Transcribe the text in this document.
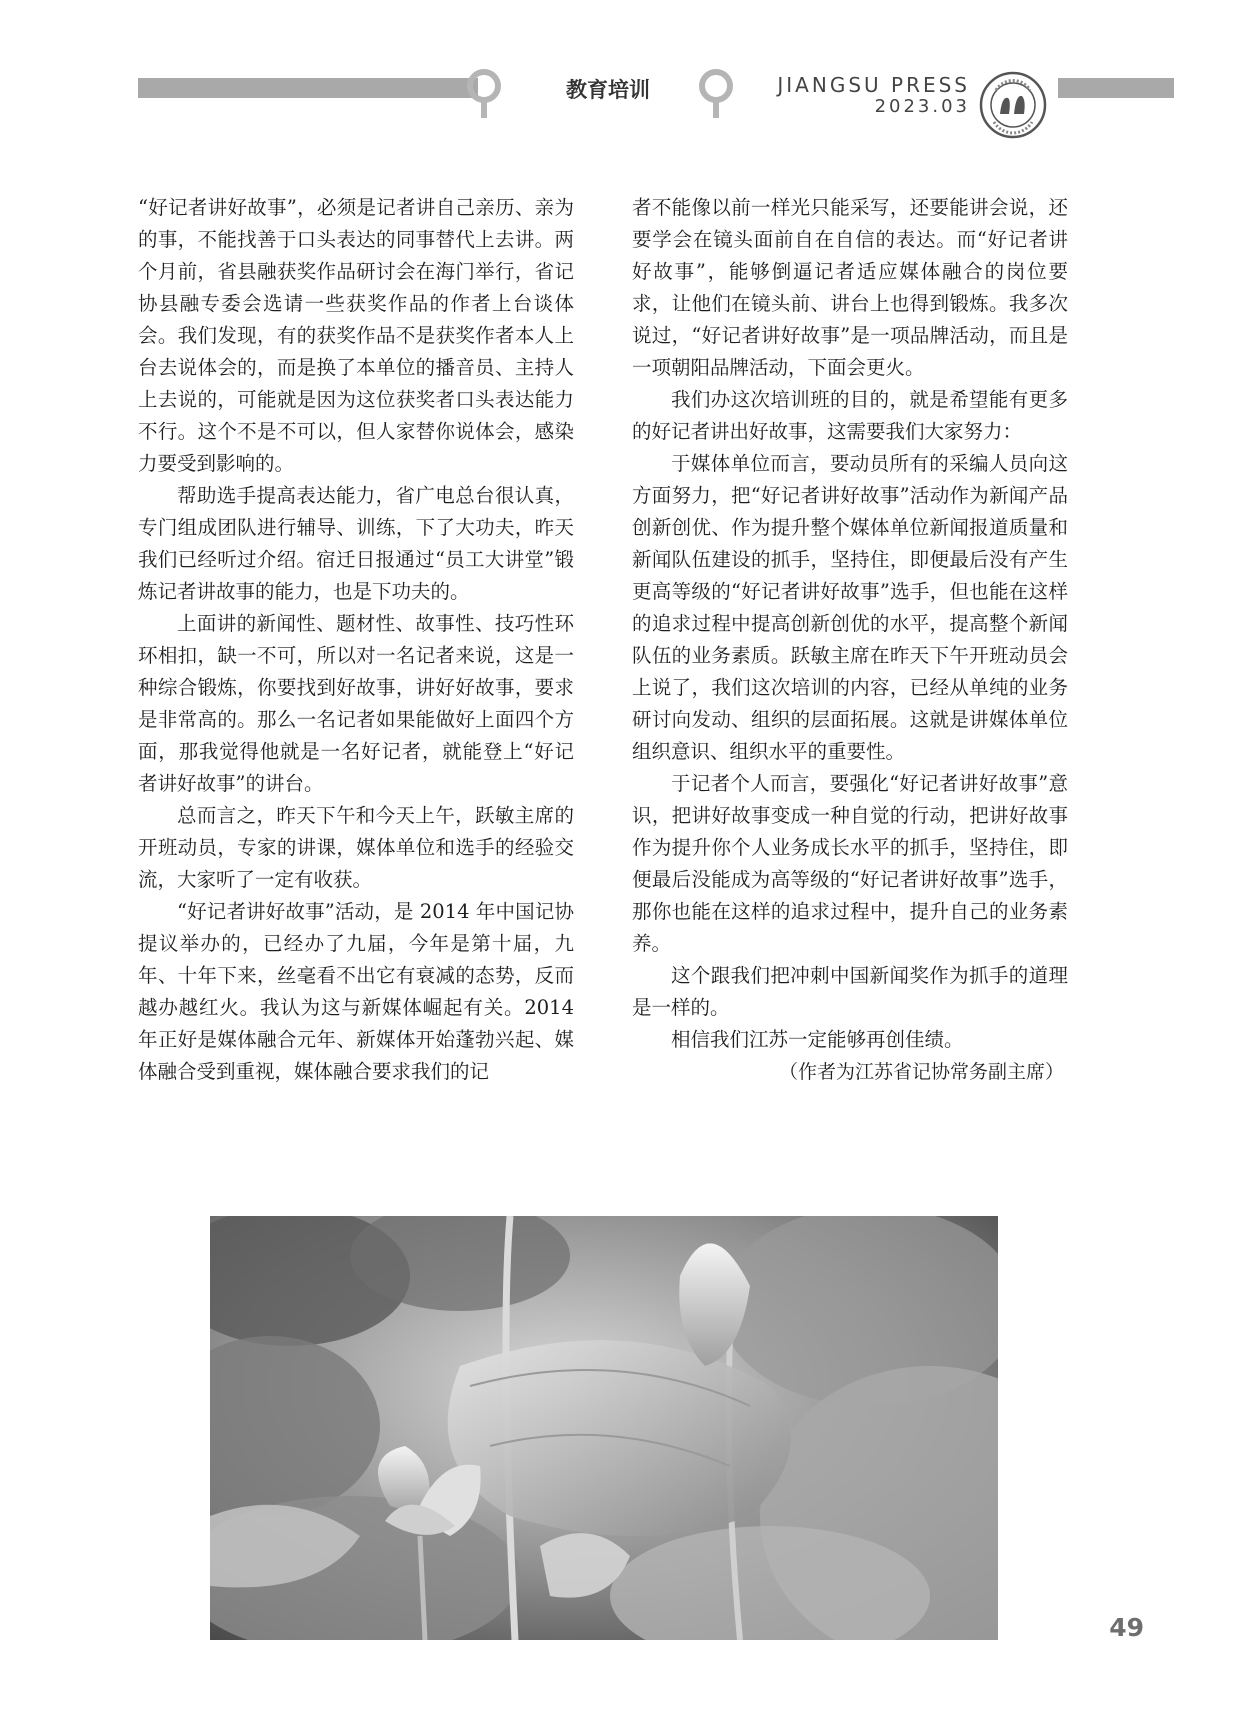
教育培训	JIANGSU PRESS
2023.03

“好记者讲好故事”，必须是记者讲自己亲历、亲为的事，不能找善于口头表达的同事替代上去讲。两个月前，省县融获奖作品研讨会在海门举行，省记协县融专委会选请一些获奖作品的作者上台谈体会。我们发现，有的获奖作品不是获奖作者本人上台去说体会的，而是换了本单位的播音员、主持人上去说的，可能就是因为这位获奖者口头表达能力不行。这个不是不可以，但人家替你说体会，感染力要受到影响的。

帮助选手提高表达能力，省广电总台很认真，专门组成团队进行辅导、训练，下了大功夫，昨天我们已经听过介绍。宿迁日报通过“员工大讲堂”锻炼记者讲故事的能力，也是下功夫的。

上面讲的新闻性、题材性、故事性、技巧性环环相扣，缺一不可，所以对一名记者来说，这是一种综合锻炼，你要找到好故事，讲好好故事，要求是非常高的。那么一名记者如果能做好上面四个方面，那我觉得他就是一名好记者，就能登上“好记者讲好故事”的讲台。

总而言之，昨天下午和今天上午，跃敏主席的开班动员，专家的讲课，媒体单位和选手的经验交流，大家听了一定有收获。

“好记者讲好故事”活动，是 2014 年中国记协提议举办的，已经办了九届，今年是第十届，九年、十年下来，丝毫看不出它有衰减的态势，反而越办越红火。我认为这与新媒体崛起有关。2014 年正好是媒体融合元年、新媒体开始蓬勃兴起、媒体融合受到重视，媒体融合要求我们的记

者不能像以前一样光只能采写，还要能讲会说，还要学会在镜头面前自在自信的表达。而“好记者讲好故事”，能够倒逼记者适应媒体融合的岗位要求，让他们在镜头前、讲台上也得到锻炼。我多次说过，“好记者讲好故事”是一项品牌活动，而且是一项朝阳品牌活动，下面会更火。

我们办这次培训班的目的，就是希望能有更多的好记者讲出好故事，这需要我们大家努力：

于媒体单位而言，要动员所有的采编人员向这方面努力，把“好记者讲好故事”活动作为新闻产品创新创优、作为提升整个媒体单位新闻报道质量和新闻队伍建设的抓手，坚持住，即便最后没有产生更高等级的“好记者讲好故事”选手，但也能在这样的追求过程中提高创新创优的水平，提高整个新闻队伍的业务素质。跃敏主席在昨天下午开班动员会上说了，我们这次培训的内容，已经从单纯的业务研讨向发动、组织的层面拓展。这就是讲媒体单位组织意识、组织水平的重要性。

于记者个人而言，要强化“好记者讲好故事”意识，把讲好故事变成一种自觉的行动，把讲好故事作为提升你个人业务成长水平的抓手，坚持住，即便最后没能成为高等级的“好记者讲好故事”选手，那你也能在这样的追求过程中，提升自己的业务素养。

这个跟我们把冲刺中国新闻奖作为抓手的道理是一样的。

相信我们江苏一定能够再创佳绩。

（作者为江苏省记协常务副主席）

49
